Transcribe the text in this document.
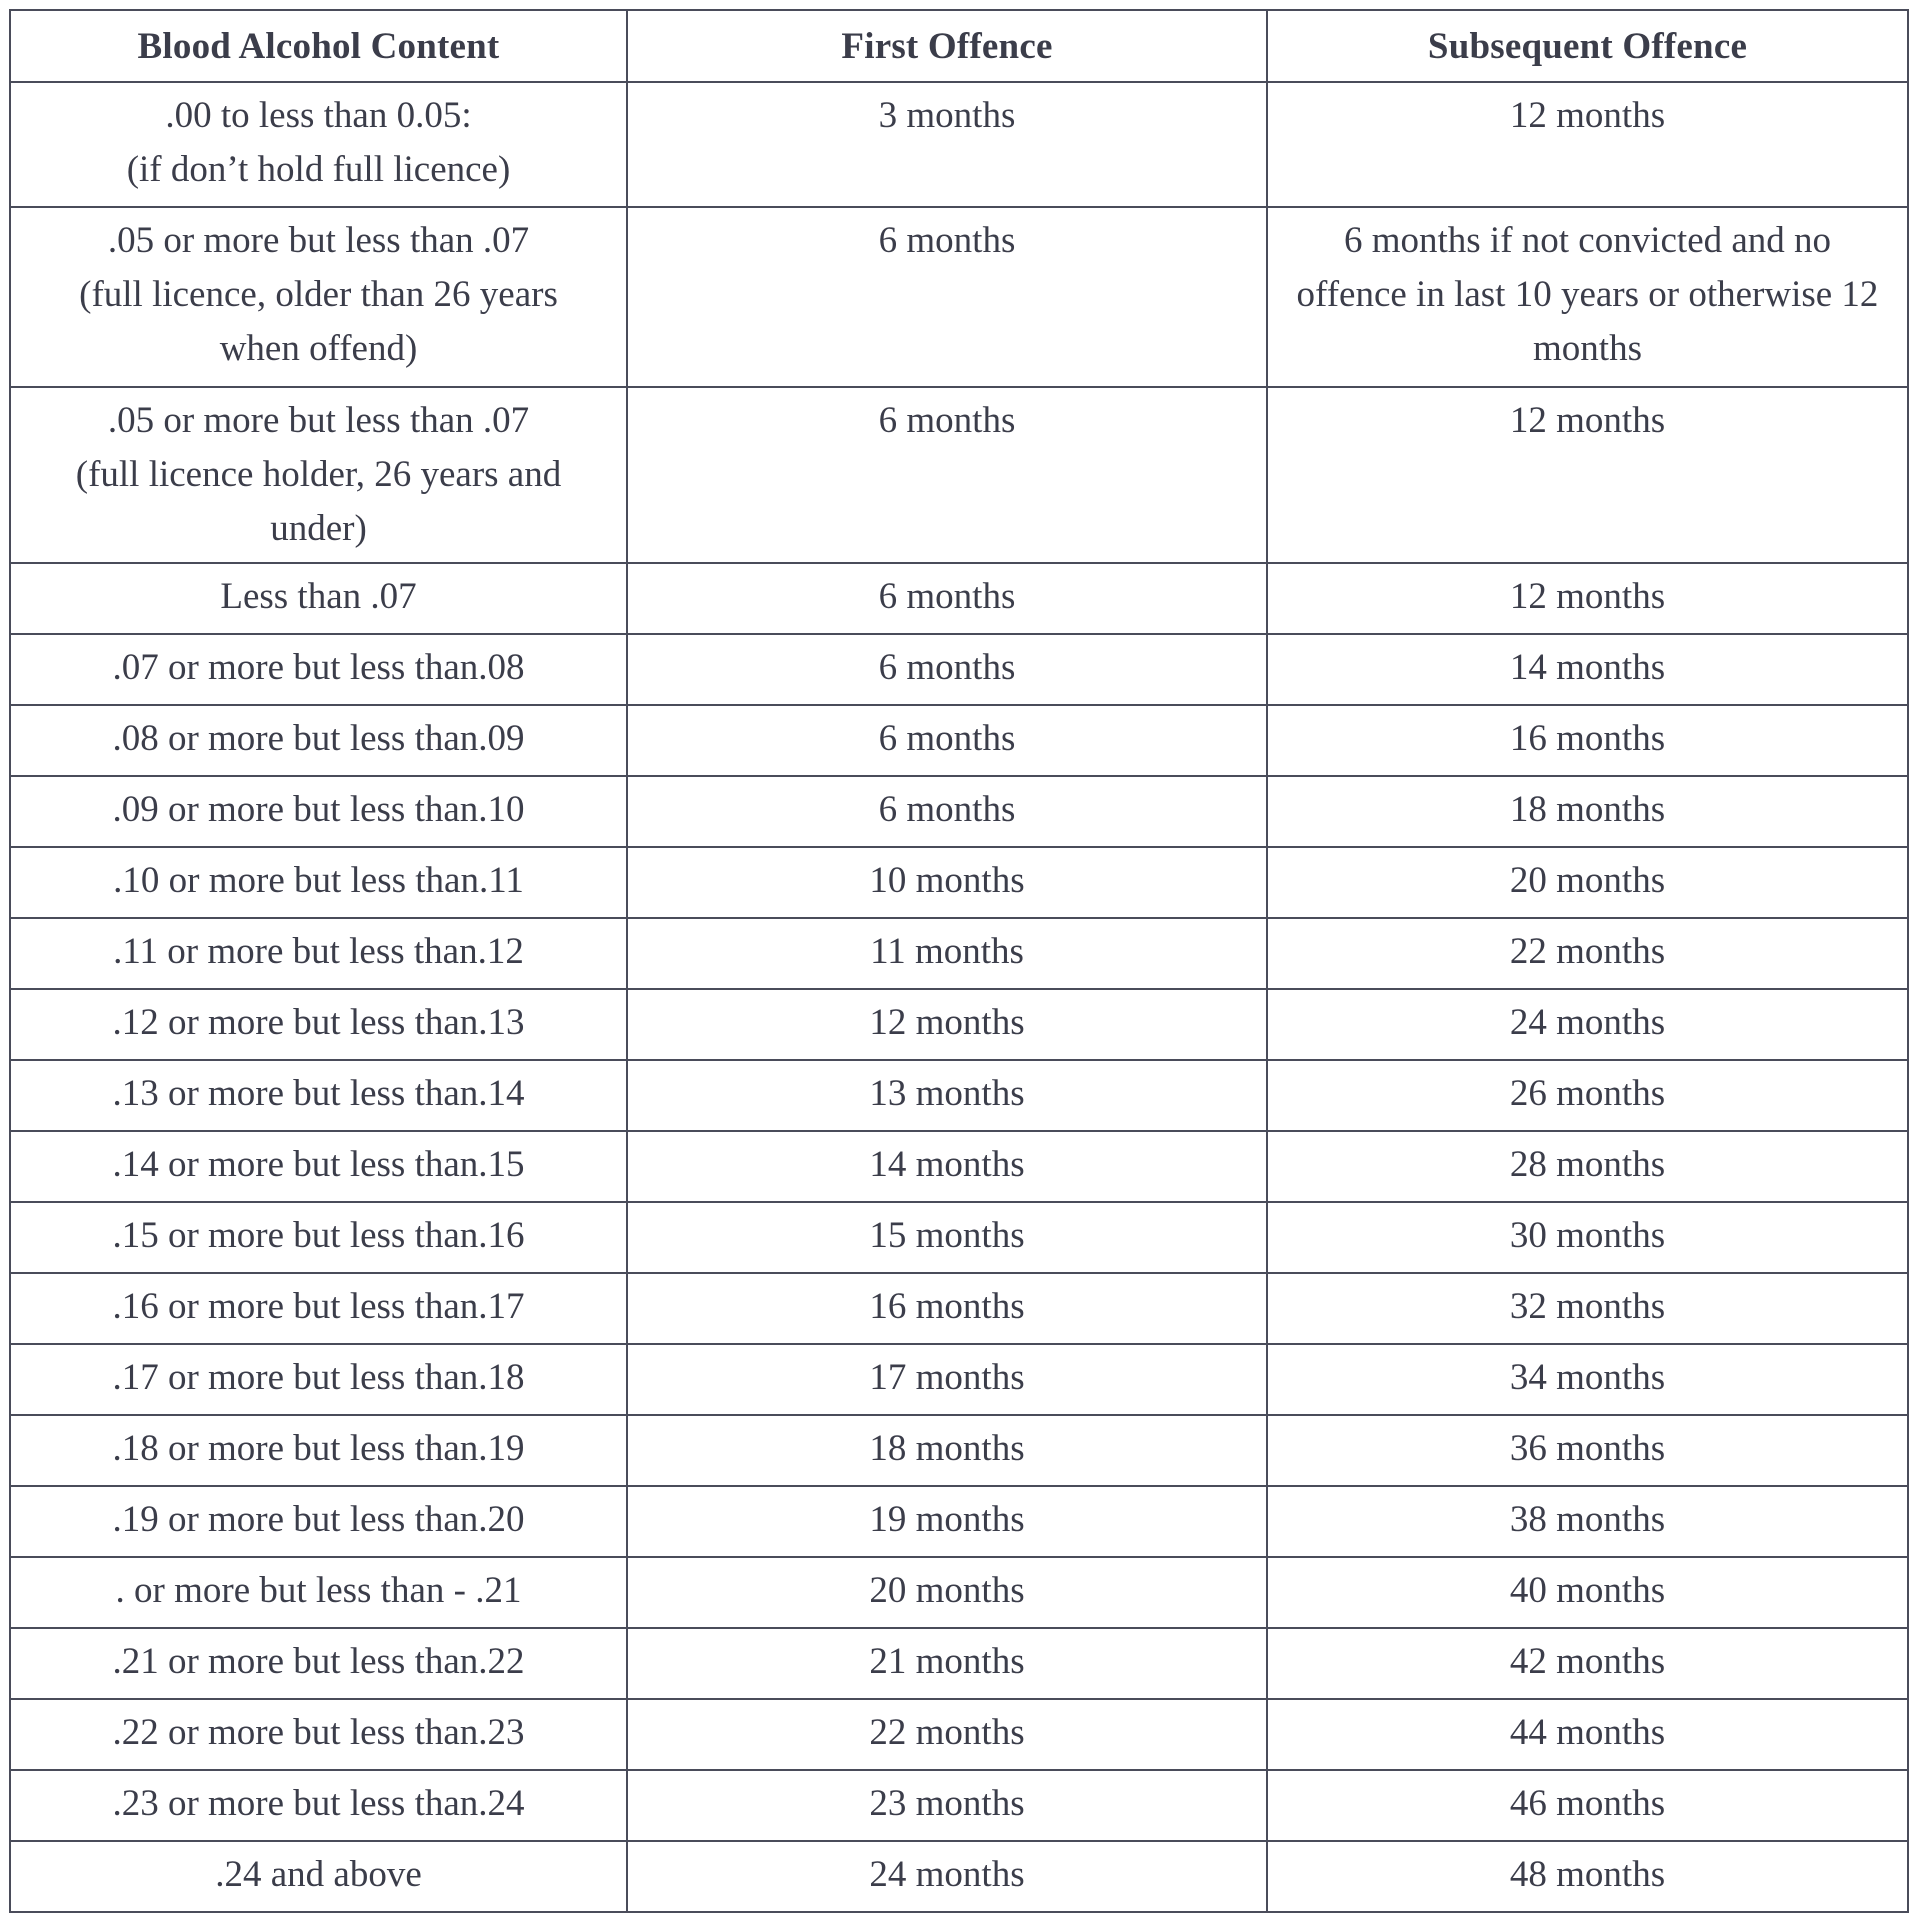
Blood Alcohol Content	First Offence	Subsequent Offence

.00 to less than 0.05:
(if don’t hold full licence)	3 months	12 months

.05 or more but less than .07
(full licence, older than 26 years
when offend)	6 months	6 months if not convicted and no
offence in last 10 years or otherwise 12
months

.05 or more but less than .07
(full licence holder, 26 years and under)	6 months	12 months

Less than .07	6 months	12 months

.07 or more but less than.08	6 months	14 months

.08 or more but less than.09	6 months	16 months

.09 or more but less than.10	6 months	18 months

.10 or more but less than.11	10 months	20 months

.11 or more but less than.12	11 months	22 months

.12 or more but less than.13	12 months	24 months

.13 or more but less than.14	13 months	26 months

.14 or more but less than.15	14 months	28 months

.15 or more but less than.16	15 months	30 months

.16 or more but less than.17	16 months	32 months

.17 or more but less than.18	17 months	34 months

.18 or more but less than.19	18 months	36 months

.19 or more but less than.20	19 months	38 months

. or more but less than - .21	20 months	40 months

.21 or more but less than.22	21 months	42 months

.22 or more but less than.23	22 months	44 months

.23 or more but less than.24	23 months	46 months

.24 and above	24 months	48 months
